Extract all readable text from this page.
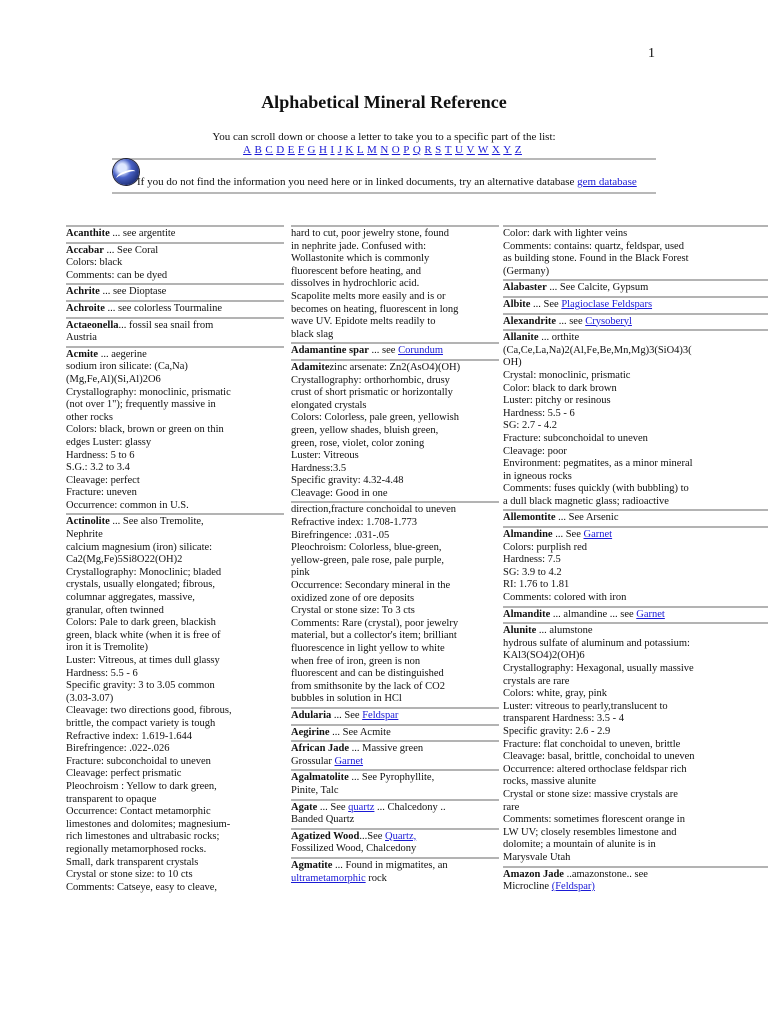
1
Alphabetical Mineral Reference
You can scroll down or choose a letter to take you to a specific part of the list:
A B C D E F G H I J K L M N O P Q R S T U V W X Y Z
If you do not find the information you need here or in linked documents, try an alternative database gem database
Acanthite ... see argentite
Accabar ... See Coral
Colors: black
Comments: can be dyed
Achrite ... see Dioptase
Achroite ... see colorless Tourmaline
Actaeonella... fossil sea snail from
Austria
Acmite ... aegerine
sodium iron silicate: (Ca,Na)
(Mg,Fe,Al)(Si,Al)2O6
Crystallography: monoclinic, prismatic
(not over 1"); frequently massive in
other rocks
Colors: black, brown or green on thin
edges Luster: glassy
Hardness: 5 to 6
S.G.: 3.2 to 3.4
Cleavage: perfect
Fracture: uneven
Occurrence: common in U.S.
Actinolite ... See also Tremolite,
Nephrite
calcium magnesium (iron) silicate:
Ca2(Mg,Fe)5Si8O22(OH)2
Crystallography: Monoclinic; bladed
crystals, usually elongated; fibrous,
columnar aggregates, massive,
granular, often twinned
Colors: Pale to dark green, blackish
green, black white (when it is free of
iron it is Tremolite)
Luster: Vitreous, at times dull glassy
Hardness: 5.5 - 6
Specific gravity: 3 to 3.05 common
(3.03-3.07)
Cleavage: two directions good, fibrous,
brittle, the compact variety is tough
Refractive index: 1.619-1.644
Birefringence: .022-.026
Fracture: subconchoidal to uneven
Cleavage: perfect prismatic
Pleochroism : Yellow to dark green,
transparent to opaque
Occurrence: Contact metamorphic
limestones and dolomites; magnesium-
rich limestones and ultrabasic rocks;
regionally metamorphosed rocks.
Small, dark transparent crystals
Crystal or stone size: to 10 cts
Comments: Catseye, easy to cleave,
hard to cut, poor jewelry stone, found
in nephrite jade. Confused with:
Wollastonite which is commonly
fluorescent before heating, and
dissolves in hydrochloric acid.
Scapolite melts more easily and is or
becomes on heating, fluorescent in long
wave UV. Epidote melts readily to
black slag
Adamantine spar ... see Corundum
Adamitezinc arsenate: Zn2(AsO4)(OH)
Crystallography: orthorhombic, drusy
crust of short prismatic or horizontally
elongated crystals
Colors: Colorless, pale green, yellowish
green, yellow shades, bluish green,
green, rose, violet, color zoning
Luster: Vitreous
Hardness:3.5
Specific gravity: 4.32-4.48
Cleavage: Good in one
direction,fracture conchoidal to uneven
Refractive index: 1.708-1.773
Birefringence: .031-.05
Pleochroism: Colorless, blue-green,
yellow-green, pale rose, pale purple,
pink
Occurrence: Secondary mineral in the
oxidized zone of ore deposits
Crystal or stone size: To 3 cts
Comments: Rare (crystal), poor jewelry
material, but a collector's item; brilliant
fluorescence in light yellow to white
when free of iron, green is non
fluorescent and can be distinguished
from smithsonite by the lack of CO2
bubbles in solution in HCl
Adularia ... See Feldspar
Aegirine ... See Acmite
African Jade ... Massive green
Grossular Garnet
Agalmatolite ... See Pyrophyllite,
Pinite, Talc
Agate ... See quartz ... Chalcedony ..
Banded Quartz
Agatized Wood...See Quartz,
Fossilized Wood, Chalcedony
Agmatite ... Found in migmatites, an
ultrametamorphic rock
Color: dark with lighter veins
Comments: contains: quartz, feldspar, used
as building stone. Found in the Black Forest
(Germany)
Alabaster ... See Calcite, Gypsum
Albite ... See Plagioclase Feldspars
Alexandrite ... see Crysoberyl
Allanite ... orthite
(Ca,Ce,La,Na)2(Al,Fe,Be,Mn,Mg)3(SiO4)3(
OH)
Crystal: monoclinic, prismatic
Color: black to dark brown
Luster: pitchy or resinous
Hardness: 5.5 - 6
SG: 2.7 - 4.2
Fracture: subconchoidal to uneven
Cleavage: poor
Environment: pegmatites, as a minor mineral
in igneous rocks
Comments: fuses quickly (with bubbling) to
a dull black magnetic glass; radioactive
Allemontite ... See Arsenic
Almandine ... See Garnet
Colors: purplish red
Hardness: 7.5
SG: 3.9 to 4.2
RI: 1.76 to 1.81
Comments: colored with iron
Almandite ... almandine ... see Garnet
Alunite ... alumstone
hydrous sulfate of aluminum and potassium:
KAl3(SO4)2(OH)6
Crystallography: Hexagonal, usually massive
crystals are rare
Colors: white, gray, pink
Luster: vitreous to pearly,translucent to
transparent Hardness: 3.5 - 4
Specific gravity: 2.6 - 2.9
Fracture: flat conchoidal to uneven, brittle
Cleavage: basal, brittle, conchoidal to uneven
Occurrence: altered orthoclase feldspar rich
rocks, massive alunite
Crystal or stone size: massive crystals are
rare
Comments: sometimes florescent orange in
LW UV; closely resembles limestone and
dolomite; a mountain of alunite is in
Marysvale Utah
Amazon Jade ..amazonstone.. see
Microcline (Feldspar)
